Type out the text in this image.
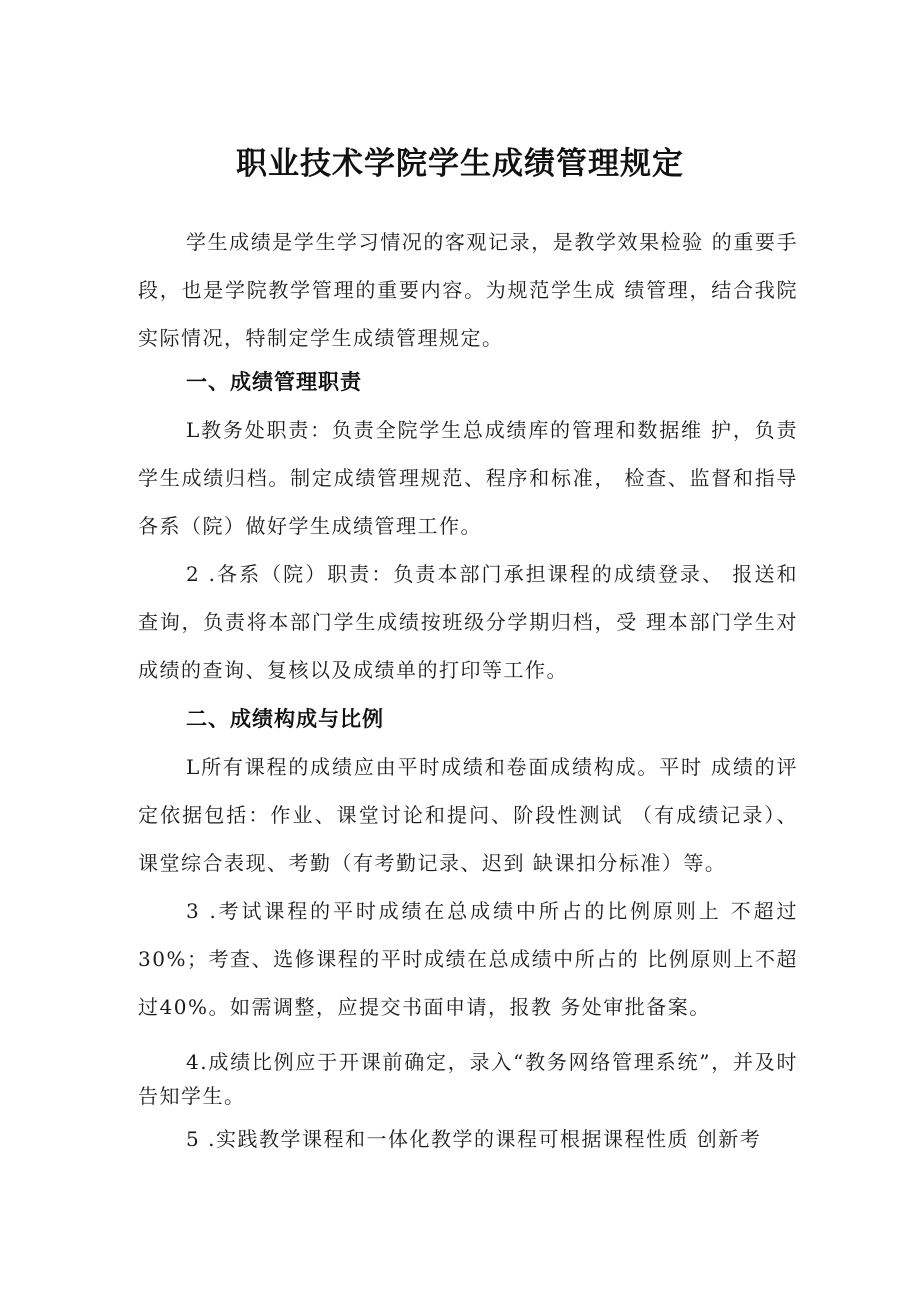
职业技术学院学生成绩管理规定
学生成绩是学生学习情况的客观记录，是教学效果检验 的重要手段，也是学院教学管理的重要内容。为规范学生成 绩管理，结合我院实际情况，特制定学生成绩管理规定。
一、成绩管理职责
L教务处职责：负责全院学生总成绩库的管理和数据维 护，负责学生成绩归档。制定成绩管理规范、程序和标准， 检查、监督和指导各系（院）做好学生成绩管理工作。
2 .各系（院）职责：负责本部门承担课程的成绩登录、 报送和查询，负责将本部门学生成绩按班级分学期归档，受 理本部门学生对成绩的查询、复核以及成绩单的打印等工作。
二、成绩构成与比例
L所有课程的成绩应由平时成绩和卷面成绩构成。平时 成绩的评定依据包括：作业、课堂讨论和提问、阶段性测试 （有成绩记录）、课堂综合表现、考勤（有考勤记录、迟到 缺课扣分标准）等。
3 .考试课程的平时成绩在总成绩中所占的比例原则上 不超过30%；考查、选修课程的平时成绩在总成绩中所占的 比例原则上不超过40%。如需调整，应提交书面申请，报教 务处审批备案。
4.成绩比例应于开课前确定，录入“教务网络管理系统”，并及时告知学生。
5 .实践教学课程和一体化教学的课程可根据课程性质 创新考
